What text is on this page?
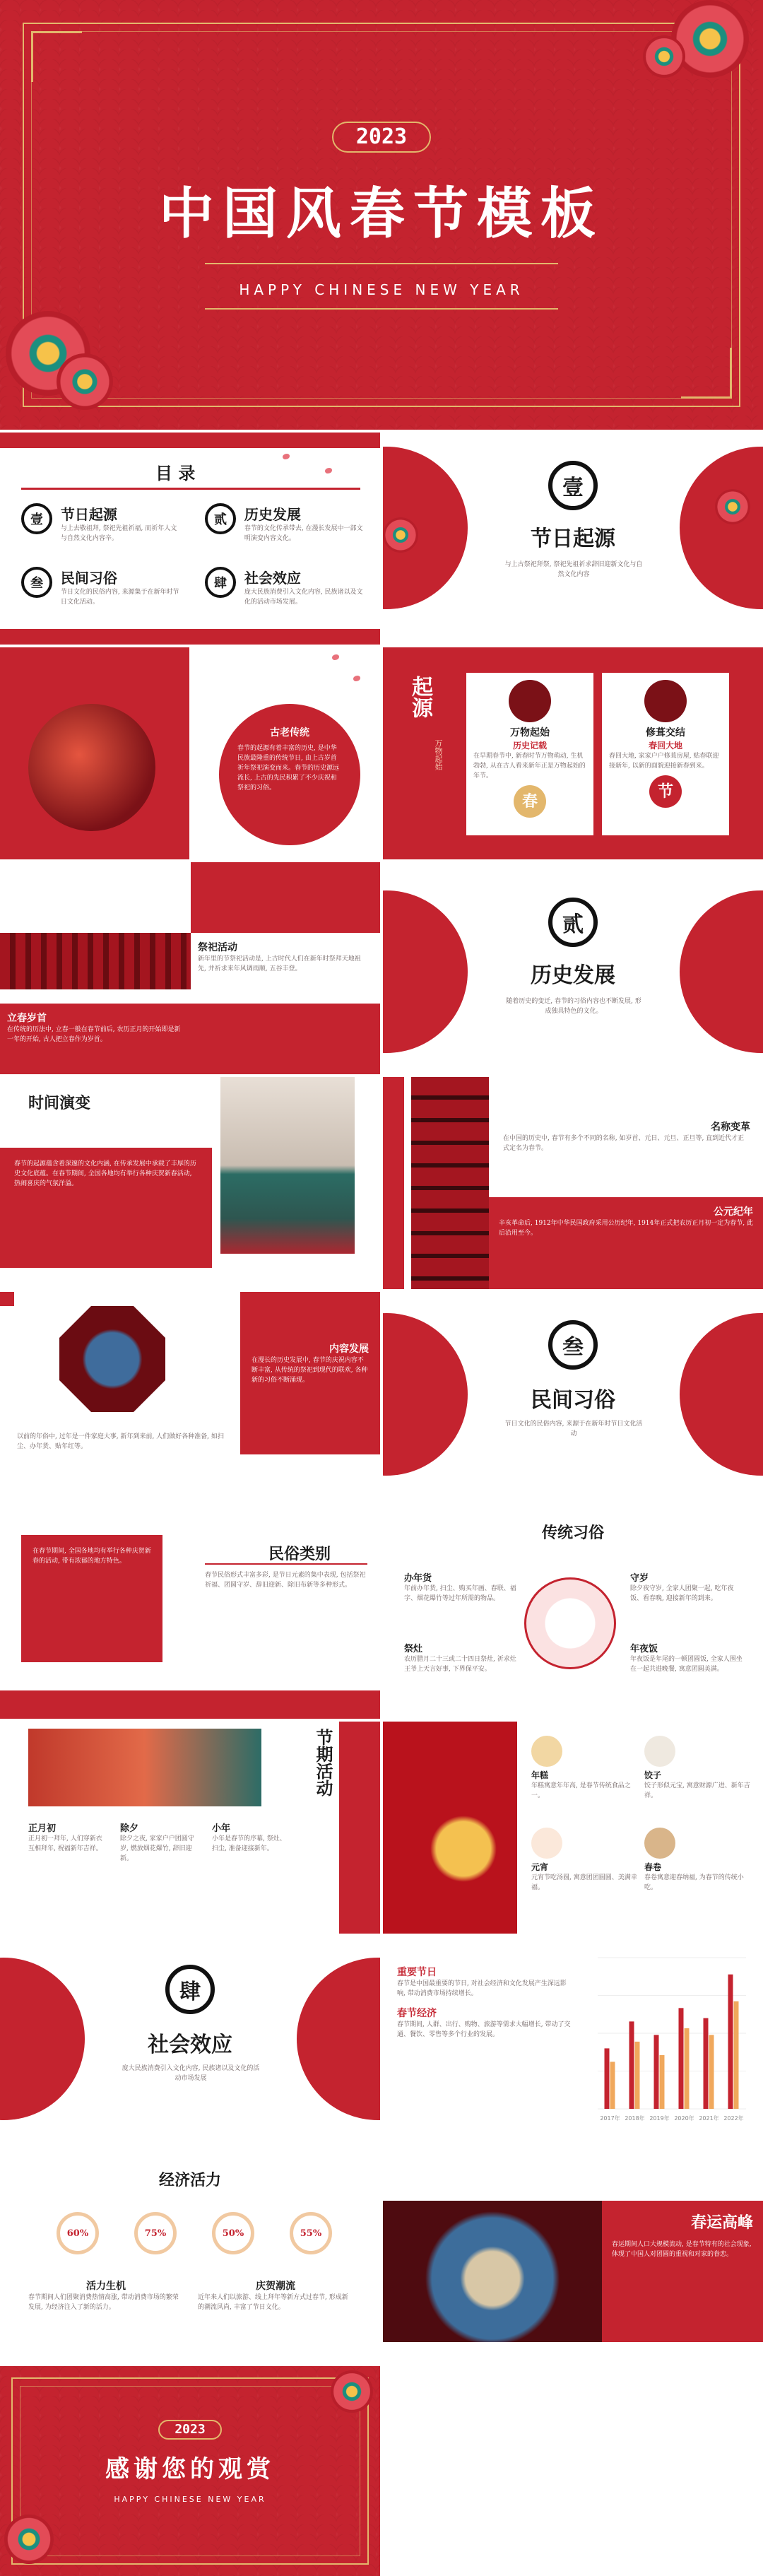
2023
中国风春节模板
HAPPY CHINESE NEW YEAR
目 录
壹 节日起源
与上去敬祖拜, 祭祀先祖祈福, 而祈年人文与自然文化内容辛。
贰 历史发展
春节的文化传承带去, 在漫长发展中一部文明演变内容文化。
叁 民间习俗
节日文化的民俗内容, 来源集于在新年时节日文化活动。
肆 社会效应
庞大民族消费引入文化内容, 民族诸以及文化的活动市场发展。
壹
节日起源
与上古祭祀拜祭, 祭祀先祖祈求辞旧迎新文化与自然文化内容
古老传统
春节的起源有着丰富的历史, 是中华民族最隆重的传统节日, 由上古岁首祈年祭祀演变而来。春节的历史源远流长, 上古的先民积累了不少庆祝和祭祀的习俗。
起源
万物起始
万物起始
历史记载
在早期春节中, 新春时节万物萌动, 生机勃勃, 从在古人看来新年正是万物起始的年节。
春
修葺交结
春回大地
春回大地, 家家户户修葺房屋, 贴春联迎接新年, 以新的面貌迎接新春到来。
节
祭祀活动
新年里的节祭祀活动是, 上古时代人们在新年时祭拜天地祖先, 并祈求来年风调雨顺, 五谷丰登。
立春岁首
在传统的历法中, 立春一般在春节前后, 农历正月的开始即是新一年的开始, 古人把立春作为岁首。
贰
历史发展
随着历史的变迁, 春节的习俗内容也不断发展, 形成独具特色的文化。
时间演变
春节的起源蕴含着深邃的文化内涵, 在传承发展中承载了丰厚的历史文化底蕴。在春节期间, 全国各地均有举行各种庆贺新春活动, 热闹喜庆的气氛洋溢。
名称变革
在中国的历史中, 春节有多个不同的名称, 如岁首、元日、元旦、正旦等, 直到近代才正式定名为春节。
公元纪年
辛亥革命后, 1912年中华民国政府采用公历纪年, 1914年正式把农历正月初一定为春节, 此后沿用至今。
内容发展
在漫长的历史发展中, 春节的庆祝内容不断丰富, 从传统的祭祀到现代的联欢, 各种新的习俗不断涌现。
以前的年俗中, 过年是一件家庭大事, 新年到来前, 人们做好各种准备, 如扫尘、办年货、贴年红等。
叁
民间习俗
节日文化的民俗内容, 来源于在新年时节日文化活动
在春节期间, 全国各地均有举行各种庆贺新春的活动, 带有浓郁的地方特色。	民俗类别
春节民俗形式丰富多彩, 是节日元素的集中表现, 包括祭祀祈福、团圆守岁、辞旧迎新、除旧布新等多种形式。
传统习俗
办年货
年前办年货, 扫尘、购买年画、春联、福字、烟花爆竹等过年所需的物品。
守岁
除夕夜守岁, 全家人团聚一起, 吃年夜饭、看春晚, 迎接新年的到来。
祭灶
农历腊月二十三或二十四日祭灶, 祈求灶王爷上天言好事, 下界保平安。
年夜饭
年夜饭是年尾的一顿团圆饭, 全家人围坐在一起共进晚餐, 寓意团圆美满。
节期活动
正月初
正月初一拜年, 人们穿新衣互相拜年, 祝福新年吉祥。
除夕
除夕之夜, 家家户户团圆守岁, 燃放烟花爆竹, 辞旧迎新。
小年
小年是春节的序幕, 祭灶、扫尘, 准备迎接新年。
年糕
年糕寓意年年高, 是春节传统食品之一。
饺子
饺子形似元宝, 寓意财源广进、新年吉祥。
元宵
元宵节吃汤圆, 寓意团团圆圆、美满幸福。
春卷
春卷寓意迎春纳福, 为春节的传统小吃。
肆
社会效应
庞大民族消费引入文化内容, 民族诸以及文化的活动市场发展
重要节日
春节是中国最重要的节日, 对社会经济和文化发展产生深远影响, 带动消费市场持续增长。
春节经济
春节期间, 人群、出行、购物、旅游等需求大幅增长, 带动了交通、餐饮、零售等多个行业的发展。
2017年 2018年 2019年 2020年 2021年 2022年
经济活力
60%	75%	50%	55%
活力生机
春节期间人们团聚消费热情高涨, 带动消费市场的繁荣发展, 为经济注入了新的活力。
庆贺潮流
近年来人们以旅游、线上拜年等新方式过春节, 形成新的潮流风尚, 丰富了节日文化。
春运高峰
春运期间人口大规模流动, 是春节特有的社会现象, 体现了中国人对团圆的重视和对家的眷恋。
2023
感谢您的观赏
HAPPY CHINESE NEW YEAR
